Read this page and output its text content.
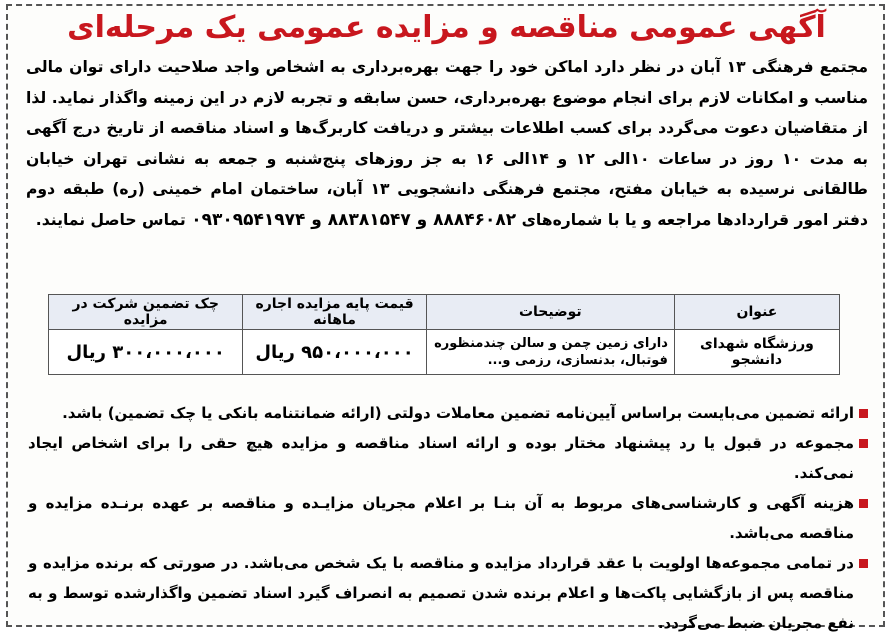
آگهی عمومی مناقصه و مزایده عمومی یک مرحله‌ای
مجتمع فرهنگی ۱۳ آبان در نظر دارد اماکن خود را جهت بهره‌برداری به اشخاص واجد صلاحیت دارای توان مالی مناسب و امکانات لازم برای انجام موضوع بهره‌برداری، حسن سابقه و تجربه لازم در این زمینه واگذار نماید. لذا از متقاضیان دعوت می‌گردد برای کسب اطلاعات بیشتر و دریافت کاربرگ‌ها و اسناد مناقصه از تاریخ درج آگهی به مدت ۱۰ روز در ساعات ۱۰الی ۱۲ و ۱۴الی ۱۶ به جز روزهای پنج‌شنبه و جمعه به نشانی تهران خیابان طالقانی نرسیده به خیابان مفتح، مجتمع فرهنگی دانشجویی ۱۳ آبان، ساختمان امام خمینی (ره) طبقه دوم دفتر امور قراردادها مراجعه و یا با شماره‌های ۸۸۸۴۶۰۸۲ و ۸۸۳۸۱۵۴۷ و ۰۹۳۰۹۵۴۱۹۷۴ تماس حاصل نمایند.
عنوان	توضیحات	قیمت پایه مزایده اجاره ماهانه	چک تضمین شرکت در مزایده
ورزشگاه شهدای دانشجو	دارای زمین چمن و سالن چندمنظوره فوتبال، بدنسازی، رزمی و...	۹۵۰،۰۰۰،۰۰۰ ریال	۳۰۰،۰۰۰،۰۰۰ ریال
ارائه تضمین می‌بایست براساس آیین‌نامه تضمین معاملات دولتی (ارائه ضمانتنامه بانکی یا چک تضمین) باشد.
مجموعه در قبول یا رد پیشنهاد مختار بوده و ارائه اسناد مناقصه و مزایده هیچ حقی را برای اشخاص ایجاد نمی‌کند.
هزینه آگهی و کارشناسی‌های مربوط به آن بنـا بر اعلام مجریان مزایـده و مناقصه بر عهده برنـده مزایده و مناقصه می‌باشد.
در تمامی مجموعه‌ها اولویت با عقد قرارداد مزایده و مناقصه با یک شخص می‌باشد. در صورتی که برنده مزایده و مناقصه پس از بازگشایی پاکت‌ها و اعلام برنده شدن تصمیم به انصراف گیرد اسناد تضمین واگذارشده توسط و به نفع مجریان ضبط می‌گردد.
